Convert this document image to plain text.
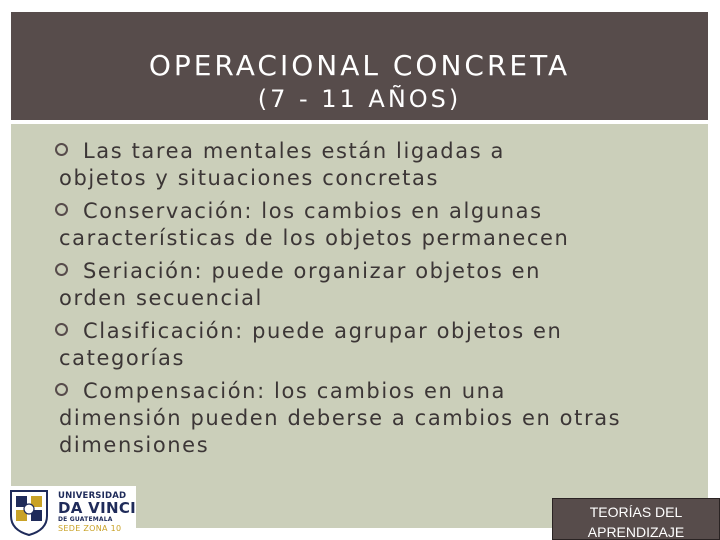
OPERACIONAL CONCRETA
(7 - 11 AÑOS)
Las tarea mentales están ligadas a
objetos y situaciones concretas
Conservación: los cambios en algunas
características de los objetos permanecen
Seriación: puede organizar objetos en
orden secuencial
Clasificación: puede agrupar objetos en
categorías
Compensación: los cambios en una
dimensión pueden deberse a cambios en otras dimensiones
UNIVERSIDAD
DA VINCI
DE GUATEMALA
SEDE ZONA 10
TEORÍAS DEL APRENDIZAJE
